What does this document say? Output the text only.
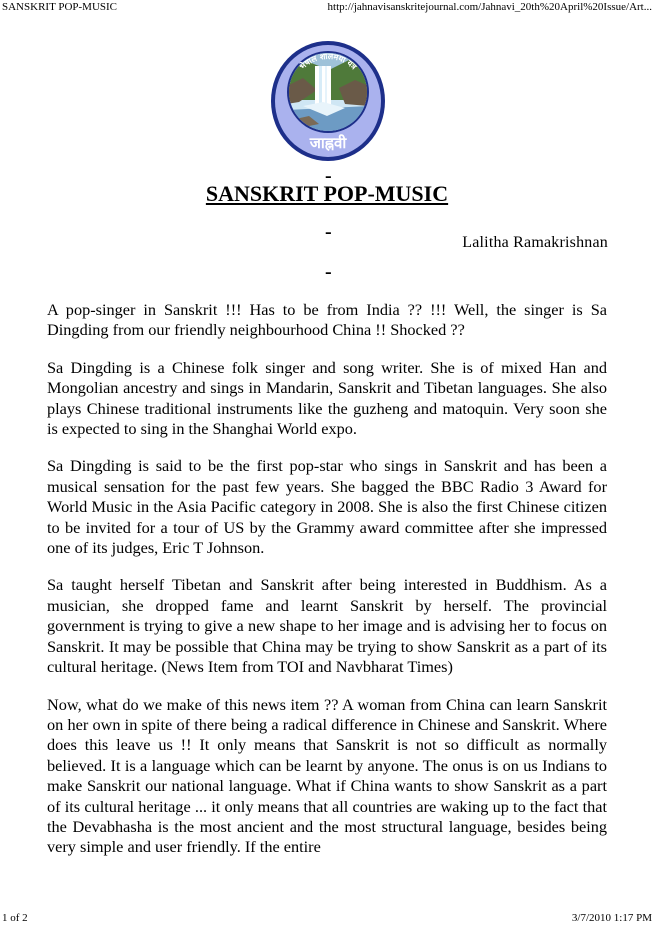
SANSKRIT POP-MUSIC	http://jahnavisanskritejournal.com/Jahnavi_20th%20April%20Issue/Art...
भेषाल शालमया यत्र
जाह्नवी
-
SANSKRIT POP-MUSIC
-	Lalitha Ramakrishnan
-

A pop-singer in Sanskrit !!! Has to be from India ?? !!! Well, the singer is Sa Dingding from our friendly neighbourhood China !! Shocked ??

Sa Dingding is a Chinese folk singer and song writer. She is of mixed Han and Mongolian ancestry and sings in Mandarin, Sanskrit and Tibetan languages. She also plays Chinese traditional instruments like the guzheng and matoquin. Very soon she is expected to sing in the Shanghai World expo.

Sa Dingding is said to be the first pop-star who sings in Sanskrit and has been a musical sensation for the past few years. She bagged the BBC Radio 3 Award for World Music in the Asia Pacific category in 2008. She is also the first Chinese citizen to be invited for a tour of US by the Grammy award committee after she impressed one of its judges, Eric T Johnson.

Sa taught herself Tibetan and Sanskrit after being interested in Buddhism. As a musician, she dropped fame and learnt Sanskrit by herself. The provincial government is trying to give a new shape to her image and is advising her to focus on Sanskrit. It may be possible that China may be trying to show Sanskrit as a part of its cultural heritage. (News Item from TOI and Navbharat Times)

Now, what do we make of this news item ?? A woman from China can learn Sanskrit on her own in spite of there being a radical difference in Chinese and Sanskrit. Where does this leave us !! It only means that Sanskrit is not so difficult as normally believed. It is a language which can be learnt by anyone. The onus is on us Indians to make Sanskrit our national language. What if China wants to show Sanskrit as a part of its cultural heritage ... it only means that all countries are waking up to the fact that the Devabhasha is the most ancient and the most structural language, besides being very simple and user friendly. If the entire

1 of 2	3/7/2010 1:17 PM
